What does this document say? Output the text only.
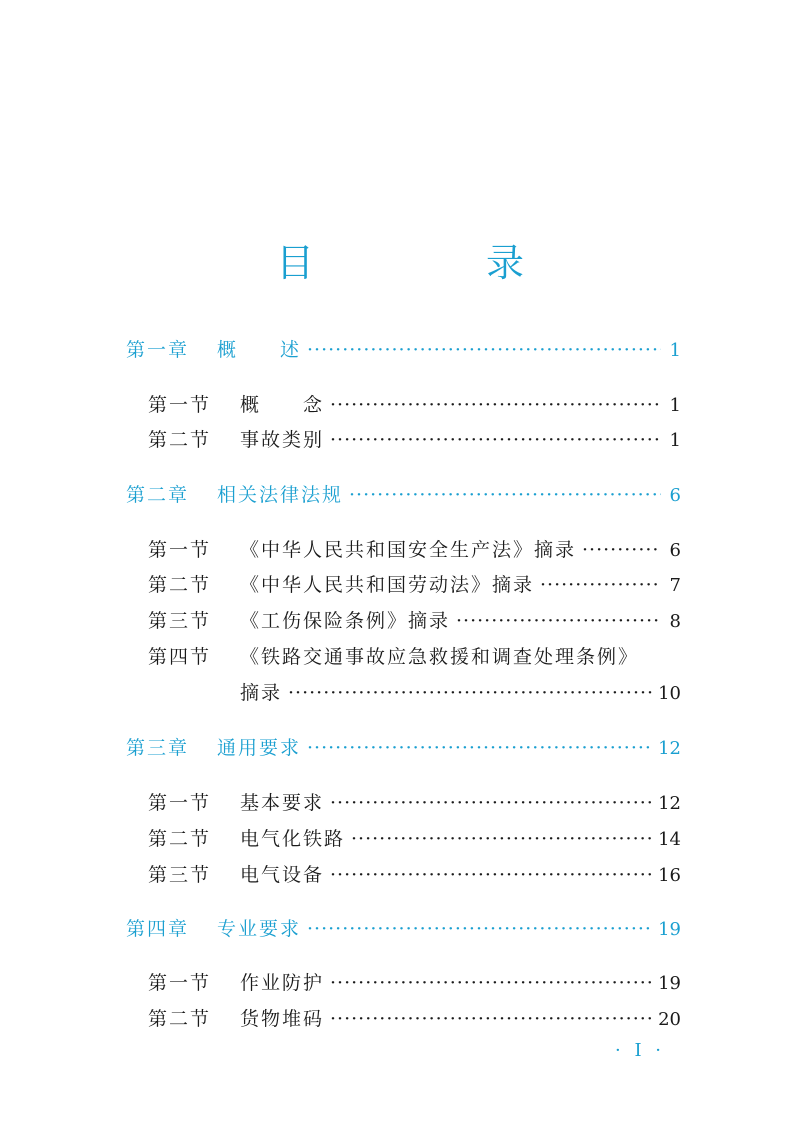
目 录
第一章	概　　述 ·····	1
第一节	概　　念 ·····	1
第二节	事故类别 ·····	1
第二章	相关法律法规 ·····	6
第一节	《中华人民共和国安全生产法》摘录 ·····	6
第二节	《中华人民共和国劳动法》摘录 ·····	7
第三节	《工伤保险条例》摘录 ·····	8
第四节	《铁路交通事故应急救援和调查处理条例》
摘录 ·····	10
第三章	通用要求 ·····	12
第一节	基本要求 ·····	12
第二节	电气化铁路 ·····	14
第三节	电气设备 ·····	16
第四章	专业要求 ·····	19
第一节	作业防护 ·····	19
第二节	货物堆码 ·····	20
· I ·
